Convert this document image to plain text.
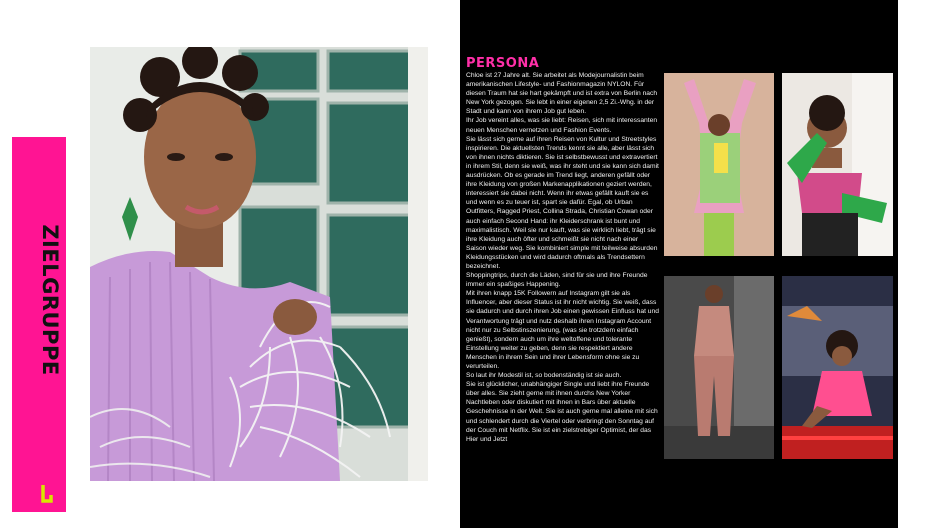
ZIELGRUPPE
PERSONA

Chloe ist 27 Jahre alt. Sie arbeitet als Modejournalistin beim amerikanischen Lifestyle- und Fashionmagazin NYLON. Für diesen Traum hat sie hart gekämpft und ist extra von Berlin nach New York gezogen. Sie lebt in einer eigenen 2,5 Zi.-Whg. in der Stadt und kann von ihrem Job gut leben.

Ihr Job vereint alles, was sie liebt: Reisen, sich mit interessanten neuen Menschen vernetzen und Fashion Events.

Sie lässt sich gerne auf ihren Reisen von Kultur und Streetstyles inspirieren. Die aktuellsten Trends kennt sie alle, aber lässt sich von ihnen nichts diktieren. Sie ist selbstbewusst und extravertiert in ihrem Stil, denn sie weiß, was ihr steht und sie kann sich damit ausdrücken. Ob es gerade im Trend liegt, anderen gefällt oder ihre Kleidung von großen Markenapplikationen geziert werden, interessiert sie dabei nicht. Wenn ihr etwas gefällt kauft sie es und wenn es zu teuer ist, spart sie dafür. Egal, ob Urban Outfitters, Ragged Priest, Collina Strada, Christian Cowan oder auch einfach Second Hand: ihr Kleiderschrank ist bunt und maximalistisch. Weil sie nur kauft, was sie wirklich liebt, trägt sie ihre Kleidung auch öfter und schmeißt sie nicht nach einer Saison wieder weg. Sie kombiniert simple mit teilweise absurden Kleidungsstücken und wird dadurch oftmals als Trendsettern bezeichnet.

Shoppingtrips, durch die Läden, sind für sie und ihre Freunde immer ein spaßiges Happening.

Mit ihren knapp 15K Followern auf Instagram gilt sie als Influencer, aber dieser Status ist ihr nicht wichtig. Sie weiß, dass sie dadurch und durch ihren Job einen gewissen Einfluss hat und Verantwortung trägt und nutz deshalb ihren Instagram Account nicht nur zu Selbstinszenierung, (was sie trotzdem einfach genießt), sondern auch um ihre weltoffene und tolerante Einstellung weiter zu geben, denn sie respektiert andere Menschen in ihrem Sein und ihrer Lebensform ohne sie zu verurteilen.

So laut ihr Modestil ist, so bodenständig ist sie auch.

Sie ist glücklicher, unabhängiger Single und liebt ihre Freunde über alles. Sie zieht gerne mit ihnen durchs New Yorker Nachtleben oder diskutiert mit ihnen in Bars über aktuelle Geschehnisse in der Welt. Sie ist auch gerne mal alleine mit sich und schlendert durch die Viertel oder verbringt den Sonntag auf der Couch mit Netflix. Sie ist ein zielstrebiger Optimist, der das Hier und Jetzt
